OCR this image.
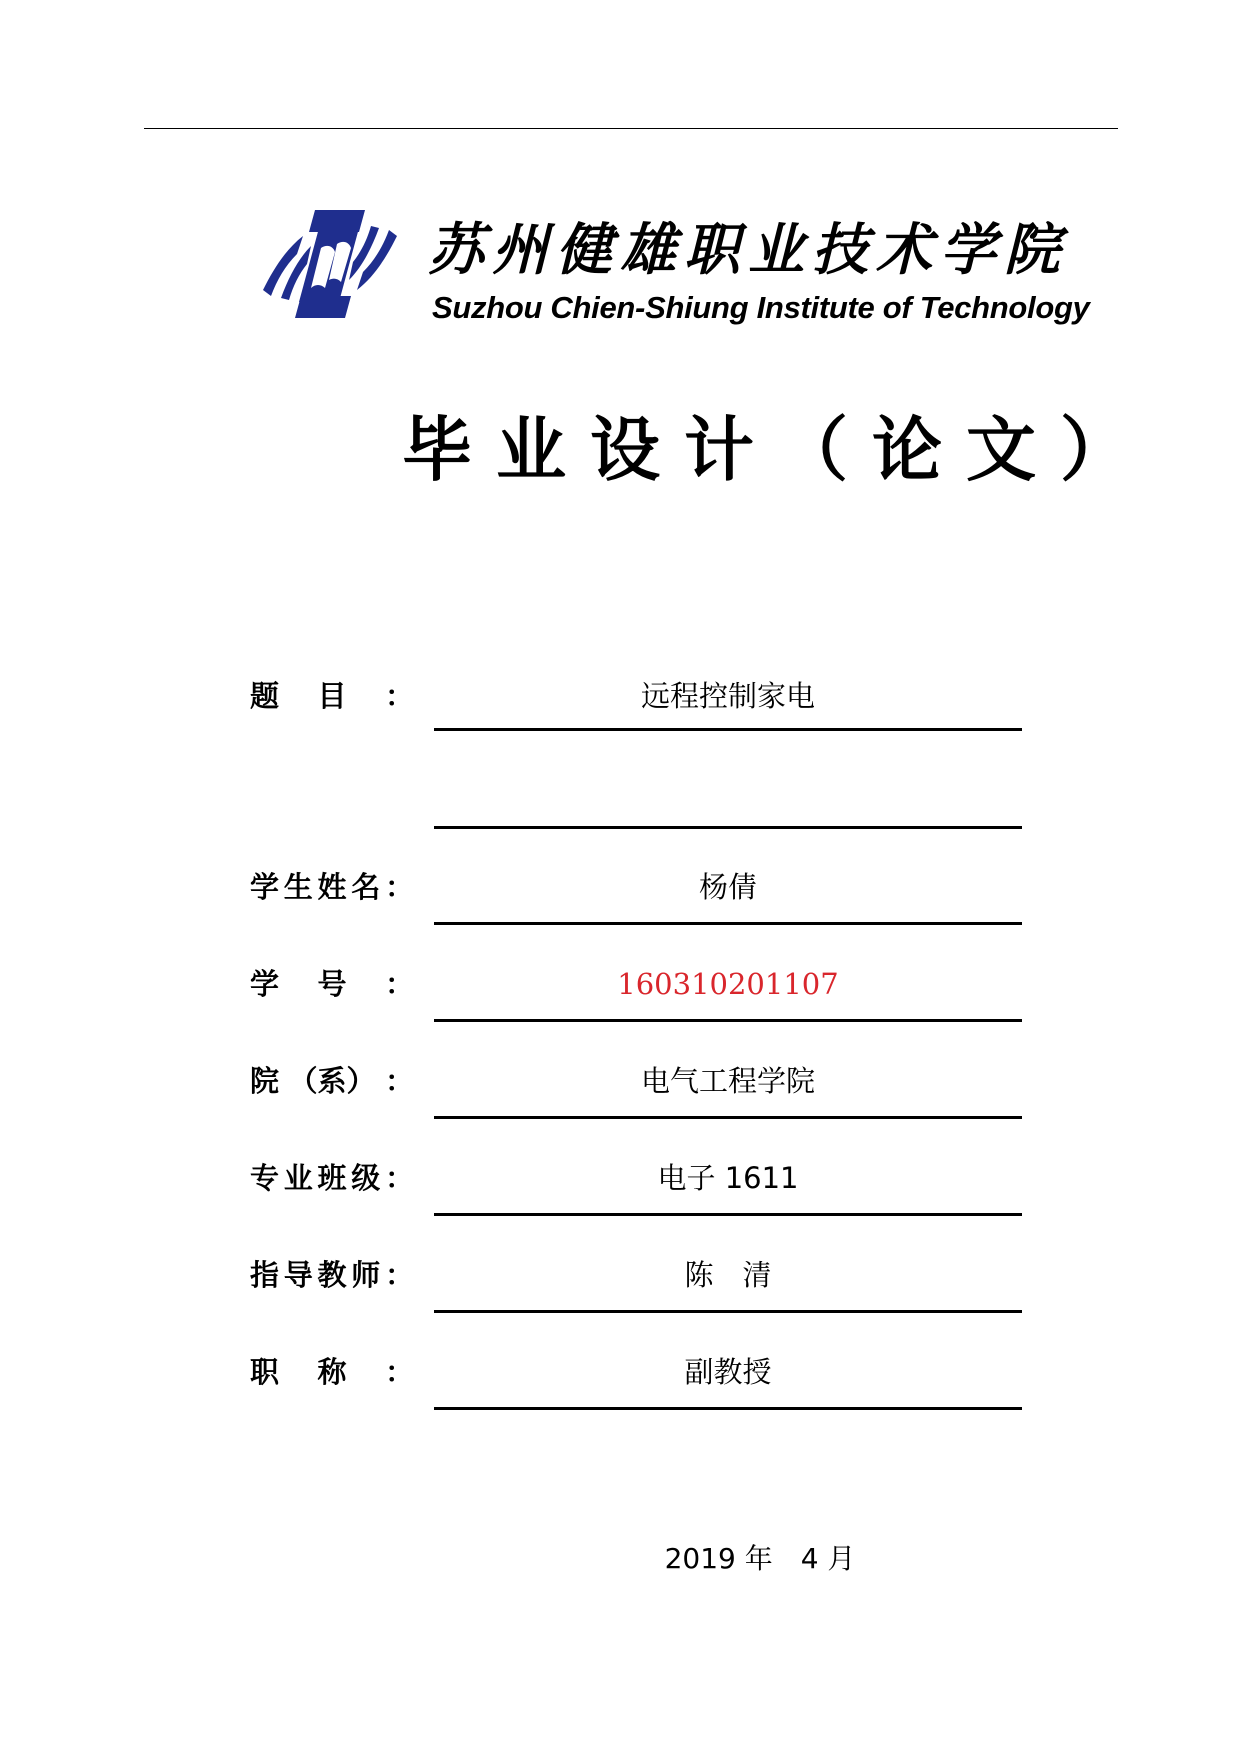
苏州健雄职业技术学院
Suzhou Chien-Shiung Institute of Technology
毕业设计（论文）
题 目 ：	远程控制家电
学 生 姓 名 ：	杨倩
学 号 ：	160310201107
院 （系） ：	电气工程学院
专 业 班 级 ：	电子 1611
指 导 教 师 ：	陈　清
职 称 ：	副教授
2019 年　4 月
